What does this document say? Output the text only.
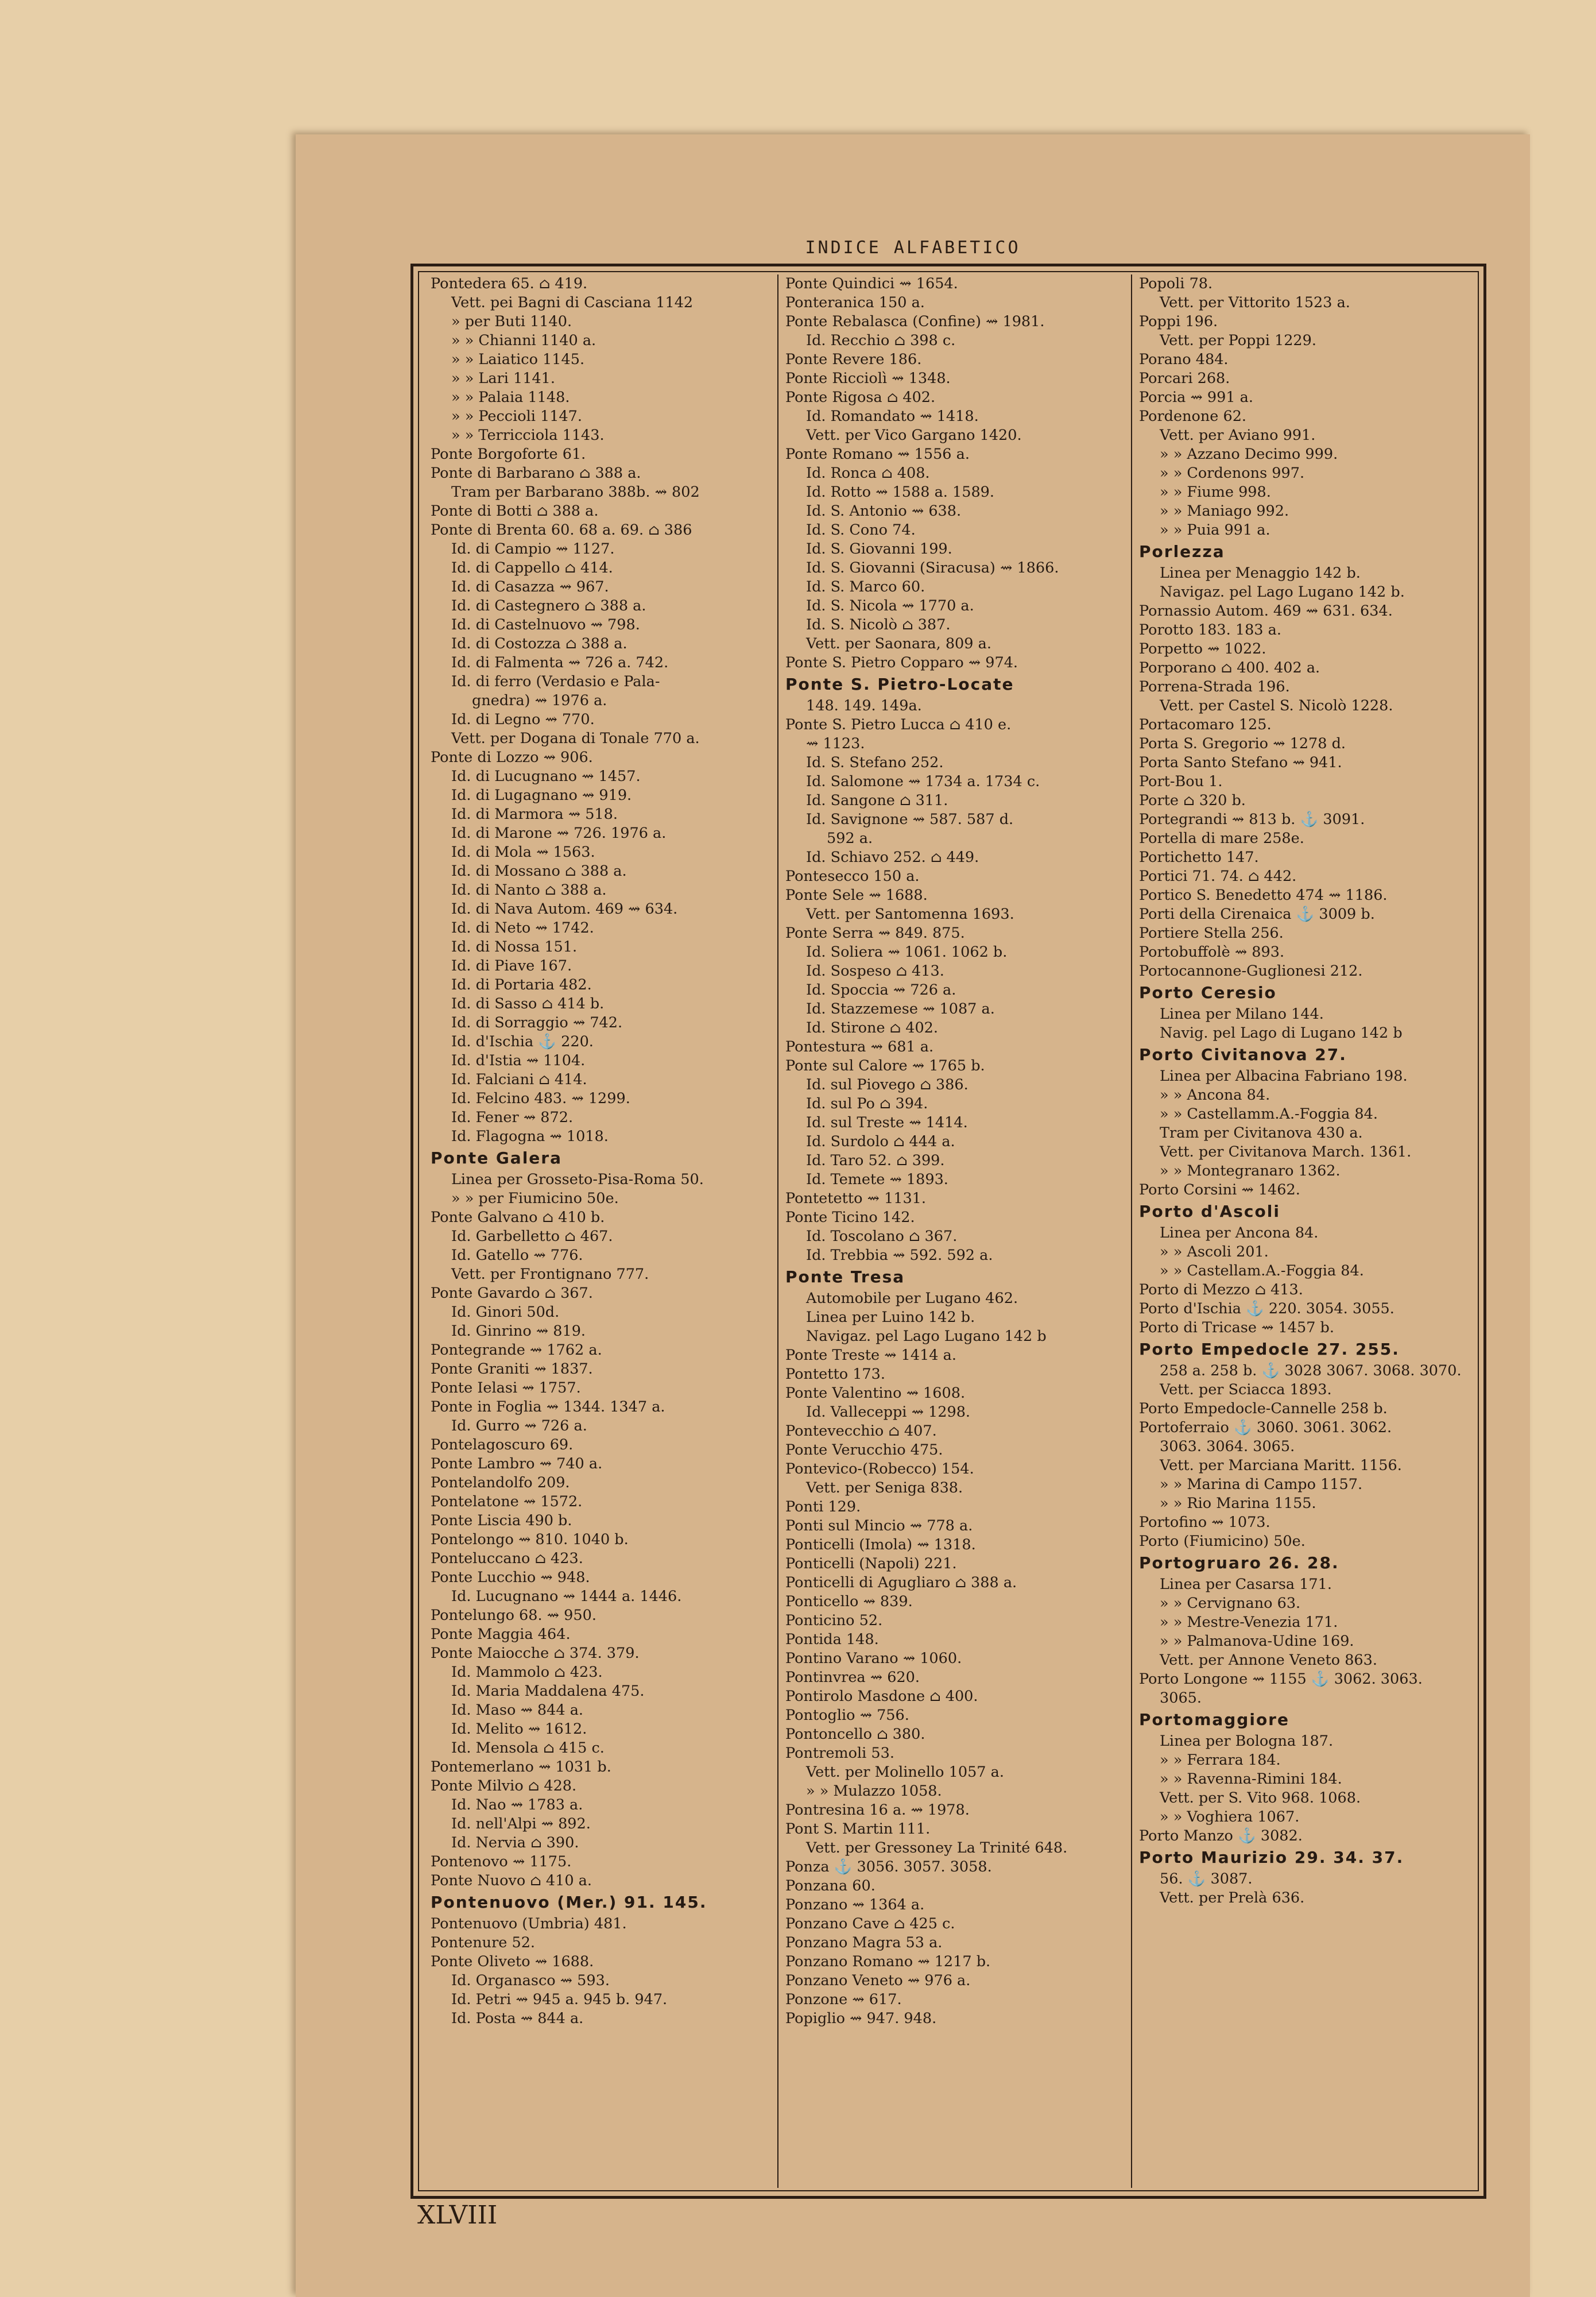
INDICE ALFABETICO
Pontedera 65. ⌂ 419.
Vett. pei Bagni di Casciana 1142
» per Buti 1140.
» » Chianni 1140 a.
» » Laiatico 1145.
» » Lari 1141.
» » Palaia 1148.
» » Peccioli 1147.
» » Terricciola 1143.
Ponte Borgoforte 61.
Ponte di Barbarano ⌂ 388 a.
Tram per Barbarano 388b. ⇝ 802
Ponte di Botti ⌂ 388 a.
Ponte di Brenta 60. 68 a. 69. ⌂ 386
Id. di Campio ⇝ 1127.
Id. di Cappello ⌂ 414.
Id. di Casazza ⇝ 967.
Id. di Castegnero ⌂ 388 a.
Id. di Castelnuovo ⇝ 798.
Id. di Costozza ⌂ 388 a.
Id. di Falmenta ⇝ 726 a. 742.
Id. di ferro (Verdasio e Pala-
gnedra) ⇝ 1976 a.
Id. di Legno ⇝ 770.
Vett. per Dogana di Tonale 770 a.
Ponte di Lozzo ⇝ 906.
Id. di Lucugnano ⇝ 1457.
Id. di Lugagnano ⇝ 919.
Id. di Marmora ⇝ 518.
Id. di Marone ⇝ 726. 1976 a.
Id. di Mola ⇝ 1563.
Id. di Mossano ⌂ 388 a.
Id. di Nanto ⌂ 388 a.
Id. di Nava Autom. 469 ⇝ 634.
Id. di Neto ⇝ 1742.
Id. di Nossa 151.
Id. di Piave 167.
Id. di Portaria 482.
Id. di Sasso ⌂ 414 b.
Id. di Sorraggio ⇝ 742.
Id. d'Ischia ⚓ 220.
Id. d'Istia ⇝ 1104.
Id. Falciani ⌂ 414.
Id. Felcino 483. ⇝ 1299.
Id. Fener ⇝ 872.
Id. Flagogna ⇝ 1018.
Ponte Galera
Linea per Grosseto-Pisa-Roma 50.
» » per Fiumicino 50e.
Ponte Galvano ⌂ 410 b.
Id. Garbelletto ⌂ 467.
Id. Gatello ⇝ 776.
Vett. per Frontignano 777.
Ponte Gavardo ⌂ 367.
Id. Ginori 50d.
Id. Ginrino ⇝ 819.
Pontegrande ⇝ 1762 a.
Ponte Graniti ⇝ 1837.
Ponte Ielasi ⇝ 1757.
Ponte in Foglia ⇝ 1344. 1347 a.
Id. Gurro ⇝ 726 a.
Pontelagoscuro 69.
Ponte Lambro ⇝ 740 a.
Pontelandolfo 209.
Pontelatone ⇝ 1572.
Ponte Liscia 490 b.
Pontelongo ⇝ 810. 1040 b.
Ponteluccano ⌂ 423.
Ponte Lucchio ⇝ 948.
Id. Lucugnano ⇝ 1444 a. 1446.
Pontelungo 68. ⇝ 950.
Ponte Maggia 464.
Ponte Maiocche ⌂ 374. 379.
Id. Mammolo ⌂ 423.
Id. Maria Maddalena 475.
Id. Maso ⇝ 844 a.
Id. Melito ⇝ 1612.
Id. Mensola ⌂ 415 c.
Pontemerlano ⇝ 1031 b.
Ponte Milvio ⌂ 428.
Id. Nao ⇝ 1783 a.
Id. nell'Alpi ⇝ 892.
Id. Nervia ⌂ 390.
Pontenovo ⇝ 1175.
Ponte Nuovo ⌂ 410 a.
Pontenuovo (Mer.) 91. 145.
Pontenuovo (Umbria) 481.
Pontenure 52.
Ponte Oliveto ⇝ 1688.
Id. Organasco ⇝ 593.
Id. Petri ⇝ 945 a. 945 b. 947.
Id. Posta ⇝ 844 a.
Ponte Quindici ⇝ 1654.
Ponteranica 150 a.
Ponte Rebalasca (Confine) ⇝ 1981.
Id. Recchio ⌂ 398 c.
Ponte Revere 186.
Ponte Ricciolì ⇝ 1348.
Ponte Rigosa ⌂ 402.
Id. Romandato ⇝ 1418.
Vett. per Vico Gargano 1420.
Ponte Romano ⇝ 1556 a.
Id. Ronca ⌂ 408.
Id. Rotto ⇝ 1588 a. 1589.
Id. S. Antonio ⇝ 638.
Id. S. Cono 74.
Id. S. Giovanni 199.
Id. S. Giovanni (Siracusa) ⇝ 1866.
Id. S. Marco 60.
Id. S. Nicola ⇝ 1770 a.
Id. S. Nicolò ⌂ 387.
Vett. per Saonara, 809 a.
Ponte S. Pietro Copparo ⇝ 974.
Ponte S. Pietro-Locate
148. 149. 149a.
Ponte S. Pietro Lucca ⌂ 410 e.
⇝ 1123.
Id. S. Stefano 252.
Id. Salomone ⇝ 1734 a. 1734 c.
Id. Sangone ⌂ 311.
Id. Savignone ⇝ 587. 587 d.
592 a.
Id. Schiavo 252. ⌂ 449.
Pontesecco 150 a.
Ponte Sele ⇝ 1688.
Vett. per Santomenna 1693.
Ponte Serra ⇝ 849. 875.
Id. Soliera ⇝ 1061. 1062 b.
Id. Sospeso ⌂ 413.
Id. Spoccia ⇝ 726 a.
Id. Stazzemese ⇝ 1087 a.
Id. Stirone ⌂ 402.
Pontestura ⇝ 681 a.
Ponte sul Calore ⇝ 1765 b.
Id. sul Piovego ⌂ 386.
Id. sul Po ⌂ 394.
Id. sul Treste ⇝ 1414.
Id. Surdolo ⌂ 444 a.
Id. Taro 52. ⌂ 399.
Id. Temete ⇝ 1893.
Pontetetto ⇝ 1131.
Ponte Ticino 142.
Id. Toscolano ⌂ 367.
Id. Trebbia ⇝ 592. 592 a.
Ponte Tresa
Automobile per Lugano 462.
Linea per Luino 142 b.
Navigaz. pel Lago Lugano 142 b
Ponte Treste ⇝ 1414 a.
Pontetto 173.
Ponte Valentino ⇝ 1608.
Id. Valleceppi ⇝ 1298.
Pontevecchio ⌂ 407.
Ponte Verucchio 475.
Pontevico-(Robecco) 154.
Vett. per Seniga 838.
Ponti 129.
Ponti sul Mincio ⇝ 778 a.
Ponticelli (Imola) ⇝ 1318.
Ponticelli (Napoli) 221.
Ponticelli di Agugliaro ⌂ 388 a.
Ponticello ⇝ 839.
Ponticino 52.
Pontida 148.
Pontino Varano ⇝ 1060.
Pontinvrea ⇝ 620.
Pontirolo Masdone ⌂ 400.
Pontoglio ⇝ 756.
Pontoncello ⌂ 380.
Pontremoli 53.
Vett. per Molinello 1057 a.
» » Mulazzo 1058.
Pontresina 16 a. ⇝ 1978.
Pont S. Martin 111.
Vett. per Gressoney La Trinité 648.
Ponza ⚓ 3056. 3057. 3058.
Ponzana 60.
Ponzano ⇝ 1364 a.
Ponzano Cave ⌂ 425 c.
Ponzano Magra 53 a.
Ponzano Romano ⇝ 1217 b.
Ponzano Veneto ⇝ 976 a.
Ponzone ⇝ 617.
Popiglio ⇝ 947. 948.
Popoli 78.
Vett. per Vittorito 1523 a.
Poppi 196.
Vett. per Poppi 1229.
Porano 484.
Porcari 268.
Porcia ⇝ 991 a.
Pordenone 62.
Vett. per Aviano 991.
» » Azzano Decimo 999.
» » Cordenons 997.
» » Fiume 998.
» » Maniago 992.
» » Puia 991 a.
Porlezza
Linea per Menaggio 142 b.
Navigaz. pel Lago Lugano 142 b.
Pornassio Autom. 469 ⇝ 631. 634.
Porotto 183. 183 a.
Porpetto ⇝ 1022.
Porporano ⌂ 400. 402 a.
Porrena-Strada 196.
Vett. per Castel S. Nicolò 1228.
Portacomaro 125.
Porta S. Gregorio ⇝ 1278 d.
Porta Santo Stefano ⇝ 941.
Port-Bou 1.
Porte ⌂ 320 b.
Portegrandi ⇝ 813 b. ⚓ 3091.
Portella di mare 258e.
Portichetto 147.
Portici 71. 74. ⌂ 442.
Portico S. Benedetto 474 ⇝ 1186.
Porti della Cirenaica ⚓ 3009 b.
Portiere Stella 256.
Portobuffolè ⇝ 893.
Portocannone-Guglionesi 212.
Porto Ceresio
Linea per Milano 144.
Navig. pel Lago di Lugano 142 b
Porto Civitanova 27.
Linea per Albacina Fabriano 198.
» » Ancona 84.
» » Castellamm.A.-Foggia 84.
Tram per Civitanova 430 a.
Vett. per Civitanova March. 1361.
» » Montegranaro 1362.
Porto Corsini ⇝ 1462.
Porto d'Ascoli
Linea per Ancona 84.
» » Ascoli 201.
» » Castellam.A.-Foggia 84.
Porto di Mezzo ⌂ 413.
Porto d'Ischia ⚓ 220. 3054. 3055.
Porto di Tricase ⇝ 1457 b.
Porto Empedocle 27. 255.
258 a. 258 b. ⚓ 3028 3067. 3068. 3070.
Vett. per Sciacca 1893.
Porto Empedocle-Cannelle 258 b.
Portoferraio ⚓ 3060. 3061. 3062.
3063. 3064. 3065.
Vett. per Marciana Maritt. 1156.
» » Marina di Campo 1157.
» » Rio Marina 1155.
Portofino ⇝ 1073.
Porto (Fiumicino) 50e.
Portogruaro 26. 28.
Linea per Casarsa 171.
» » Cervignano 63.
» » Mestre-Venezia 171.
» » Palmanova-Udine 169.
Vett. per Annone Veneto 863.
Porto Longone ⇝ 1155 ⚓ 3062. 3063.
3065.
Portomaggiore
Linea per Bologna 187.
» » Ferrara 184.
» » Ravenna-Rimini 184.
Vett. per S. Vito 968. 1068.
» » Voghiera 1067.
Porto Manzo ⚓ 3082.
Porto Maurizio 29. 34. 37.
56. ⚓ 3087.
Vett. per Prelà 636.
XLVIII
